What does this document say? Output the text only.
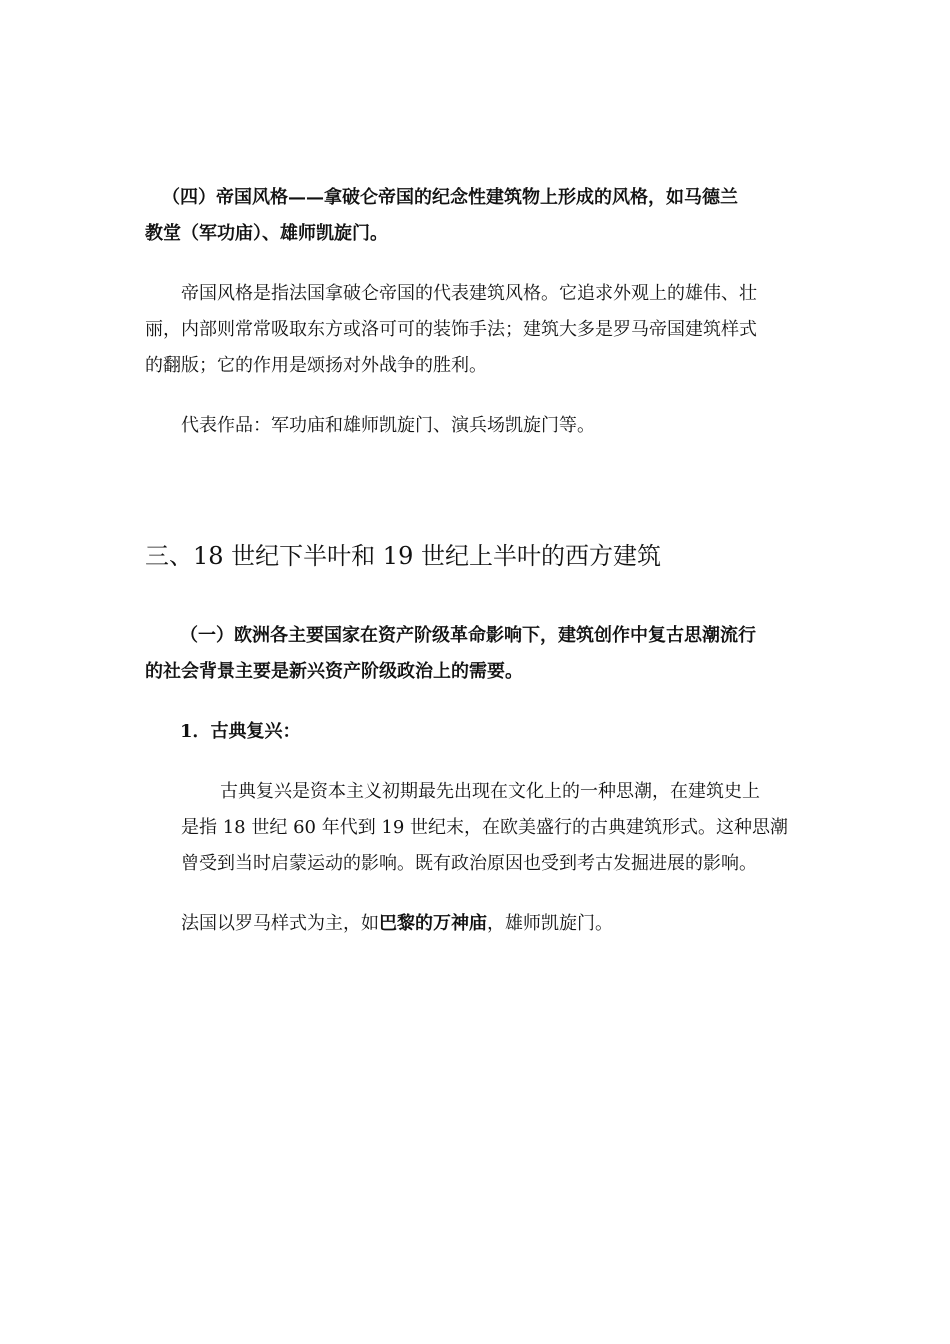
（四）帝国风格——拿破仑帝国的纪念性建筑物上形成的风格，如马德兰
教堂（军功庙）、雄师凯旋门。
帝国风格是指法国拿破仑帝国的代表建筑风格。它追求外观上的雄伟、壮
丽，内部则常常吸取东方或洛可可的装饰手法；建筑大多是罗马帝国建筑样式
的翻版；它的作用是颂扬对外战争的胜利。
代表作品：军功庙和雄师凯旋门、演兵场凯旋门等。
三、18 世纪下半叶和 19 世纪上半叶的西方建筑
（一）欧洲各主要国家在资产阶级革命影响下，建筑创作中复古思潮流行
的社会背景主要是新兴资产阶级政治上的需要。
1．古典复兴：
古典复兴是资本主义初期最先出现在文化上的一种思潮，在建筑史上
是指 18 世纪 60 年代到 19 世纪末，在欧美盛行的古典建筑形式。这种思潮
曾受到当时启蒙运动的影响。既有政治原因也受到考古发掘进展的影响。
法国以罗马样式为主，如巴黎的万神庙，雄师凯旋门。
